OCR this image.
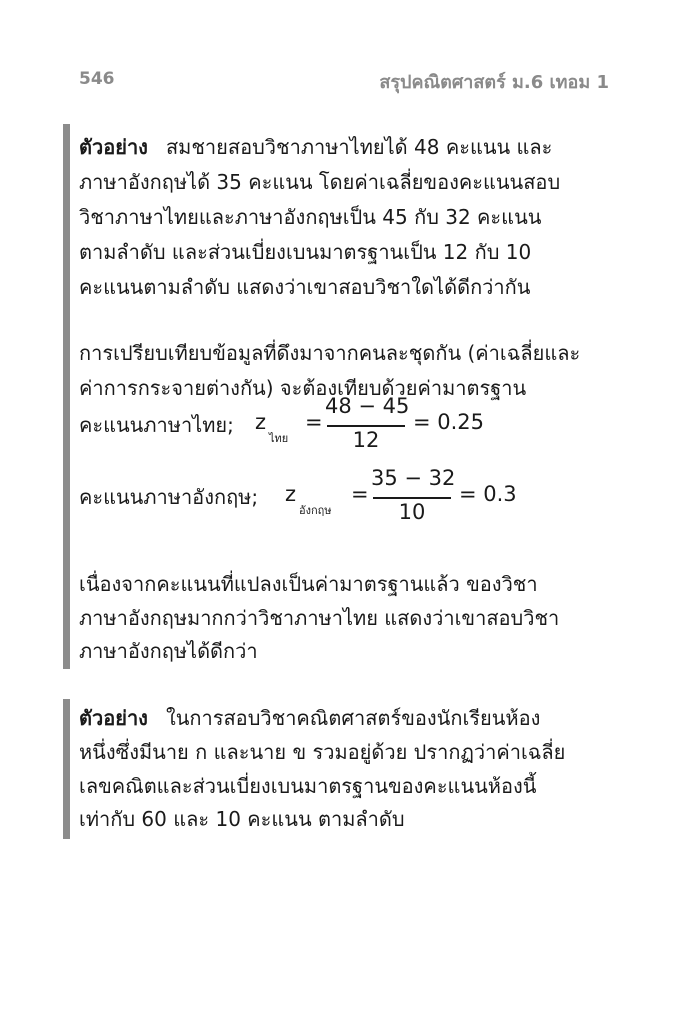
546	สรุปคณิตศาสตร์ ม.6 เทอม 1
ตัวอย่าง สมชายสอบวิชาภาษาไทยได้ 48 คะแนน และ
ภาษาอังกฤษได้ 35 คะแนน โดยค่าเฉลี่ยของคะแนนสอบ
วิชาภาษาไทยและภาษาอังกฤษเป็น 45 กับ 32 คะแนน
ตามลำดับ และส่วนเบี่ยงเบนมาตรฐานเป็น 12 กับ 10
คะแนนตามลำดับ แสดงว่าเขาสอบวิชาใดได้ดีกว่ากัน
การเปรียบเทียบข้อมูลที่ดึงมาจากคนละชุดกัน (ค่าเฉลี่ยและ
ค่าการกระจายต่างกัน) จะต้องเทียบด้วยค่ามาตรฐาน
คะแนนภาษาไทย; z
ไทย
=
48 − 45
12
= 0.25
คะแนนภาษาอังกฤษ; z
อังกฤษ
=
35 − 32
10
= 0.3
เนื่องจากคะแนนที่แปลงเป็นค่ามาตรฐานแล้ว ของวิชา
ภาษาอังกฤษมากกว่าวิชาภาษาไทย แสดงว่าเขาสอบวิชา
ภาษาอังกฤษได้ดีกว่า
ตัวอย่าง ในการสอบวิชาคณิตศาสตร์ของนักเรียนห้อง
หนึ่งซึ่งมีนาย ก และนาย ข รวมอยู่ด้วย ปรากฏว่าค่าเฉลี่ย
เลขคณิตและส่วนเบี่ยงเบนมาตรฐานของคะแนนห้องนี้
เท่ากับ 60 และ 10 คะแนน ตามลำดับ
